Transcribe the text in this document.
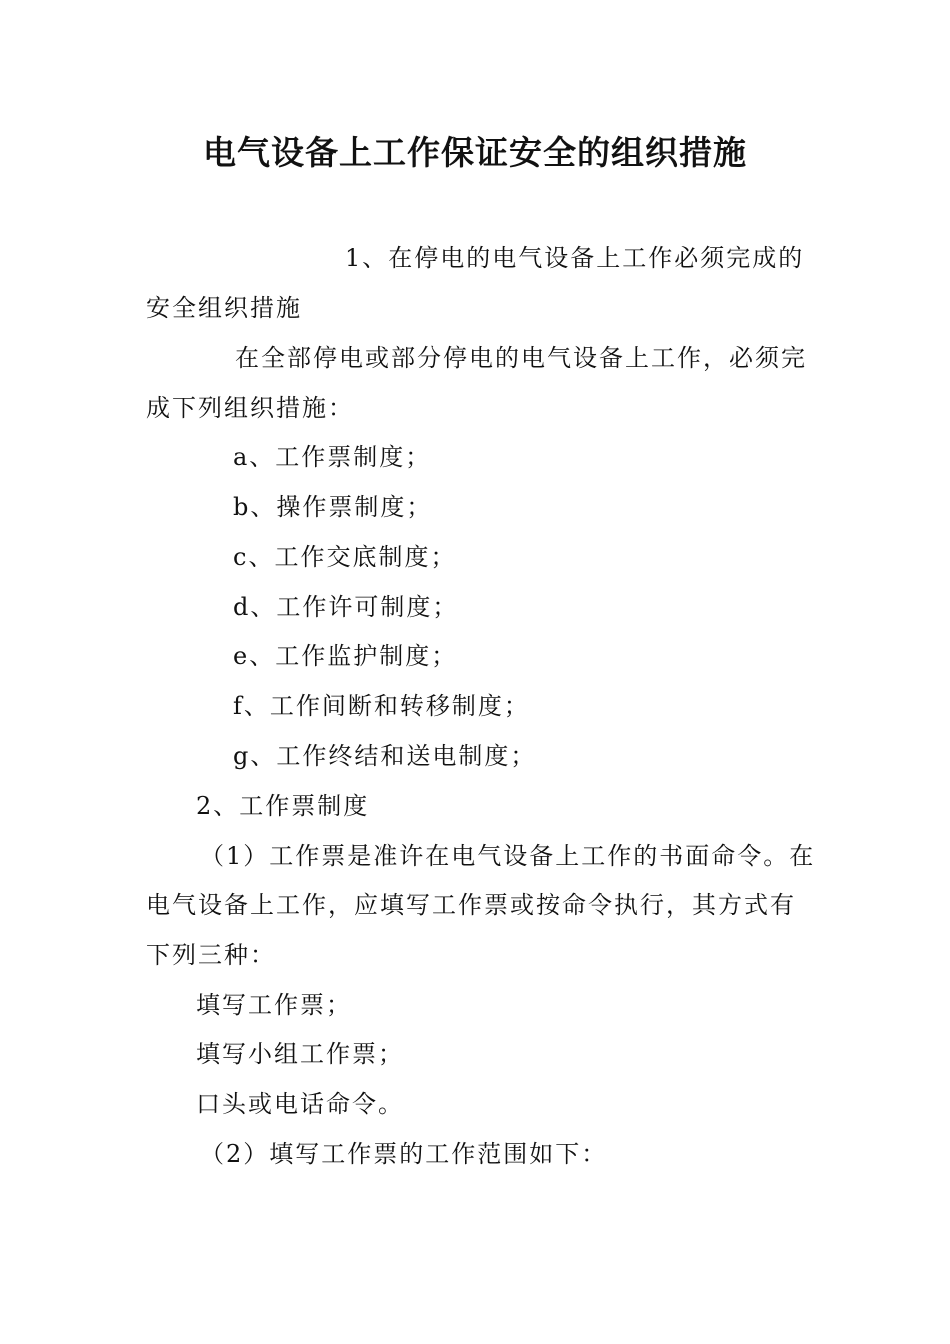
电气设备上工作保证安全的组织措施
1、在停电的电气设备上工作必须完成的
安全组织措施
在全部停电或部分停电的电气设备上工作，必须完
成下列组织措施：
a、工作票制度；
b、操作票制度；
c、工作交底制度；
d、工作许可制度；
e、工作监护制度；
f、工作间断和转移制度；
g、工作终结和送电制度；
2、工作票制度
（1）工作票是准许在电气设备上工作的书面命令。在
电气设备上工作，应填写工作票或按命令执行，其方式有
下列三种：
填写工作票；
填写小组工作票；
口头或电话命令。
（2）填写工作票的工作范围如下：
